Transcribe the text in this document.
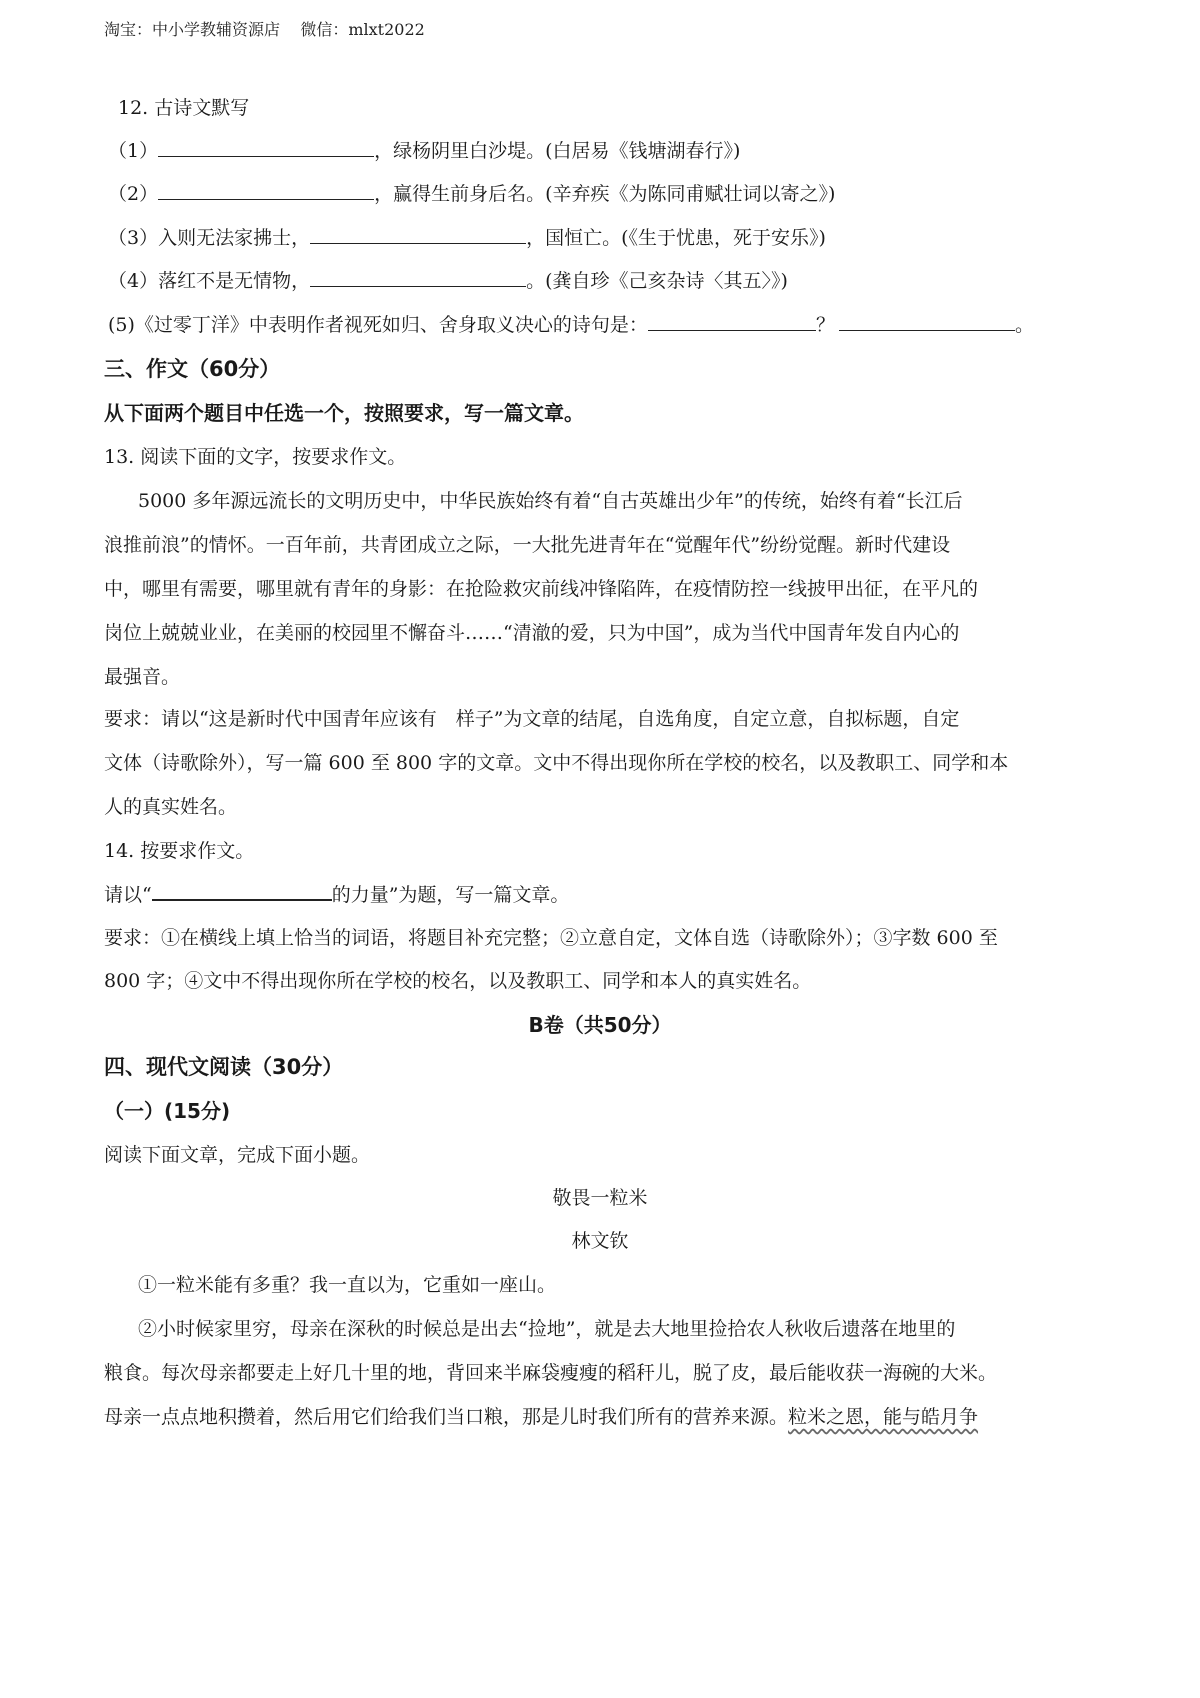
淘宝：中小学教辅资源店 微信：mlxt2022
12. 古诗文默写
（1）	，绿杨阴里白沙堤。(白居易《钱塘湖春行》)
（2）	，赢得生前身后名。(辛弃疾《为陈同甫赋壮词以寄之》)
（3）入则无法家拂士，	，国恒亡。(《生于忧患，死于安乐》)
（4）落红不是无情物，	。(龚自珍《己亥杂诗〈其五〉》)
(5)《过零丁洋》中表明作者视死如归、舍身取义决心的诗句是：	？	。
三、作文（60分）
从下面两个题目中任选一个，按照要求，写一篇文章。
13. 阅读下面的文字，按要求作文。
5000 多年源远流长的文明历史中，中华民族始终有着“自古英雄出少年”的传统，始终有着“长江后
浪推前浪”的情怀。一百年前，共青团成立之际，一大批先进青年在“觉醒年代”纷纷觉醒。新时代建设
中，哪里有需要，哪里就有青年的身影：在抢险救灾前线冲锋陷阵，在疫情防控一线披甲出征，在平凡的
岗位上兢兢业业，在美丽的校园里不懈奋斗……“清澈的爱，只为中国”，成为当代中国青年发自内心的
最强音。
要求：请以“这是新时代中国青年应该有　样子”为文章的结尾，自选角度，自定立意，自拟标题，自定
文体（诗歌除外），写一篇 600 至 800 字的文章。文中不得出现你所在学校的校名，以及教职工、同学和本
人的真实姓名。
14. 按要求作文。
请以“	的力量”为题，写一篇文章。
要求：①在横线上填上恰当的词语，将题目补充完整；②立意自定，文体自选（诗歌除外）；③字数 600 至
800 字；④文中不得出现你所在学校的校名，以及教职工、同学和本人的真实姓名。
B卷（共50分）
四、现代文阅读（30分）
（一）(15分)
阅读下面文章，完成下面小题。
敬畏一粒米
林文钦
①一粒米能有多重？我一直以为，它重如一座山。
②小时候家里穷，母亲在深秋的时候总是出去“捡地”，就是去大地里捡拾农人秋收后遗落在地里的
粮食。每次母亲都要走上好几十里的地，背回来半麻袋瘦瘦的稻秆儿，脱了皮，最后能收获一海碗的大米。
母亲一点点地积攒着，然后用它们给我们当口粮，那是儿时我们所有的营养来源。粒米之恩，能与皓月争
